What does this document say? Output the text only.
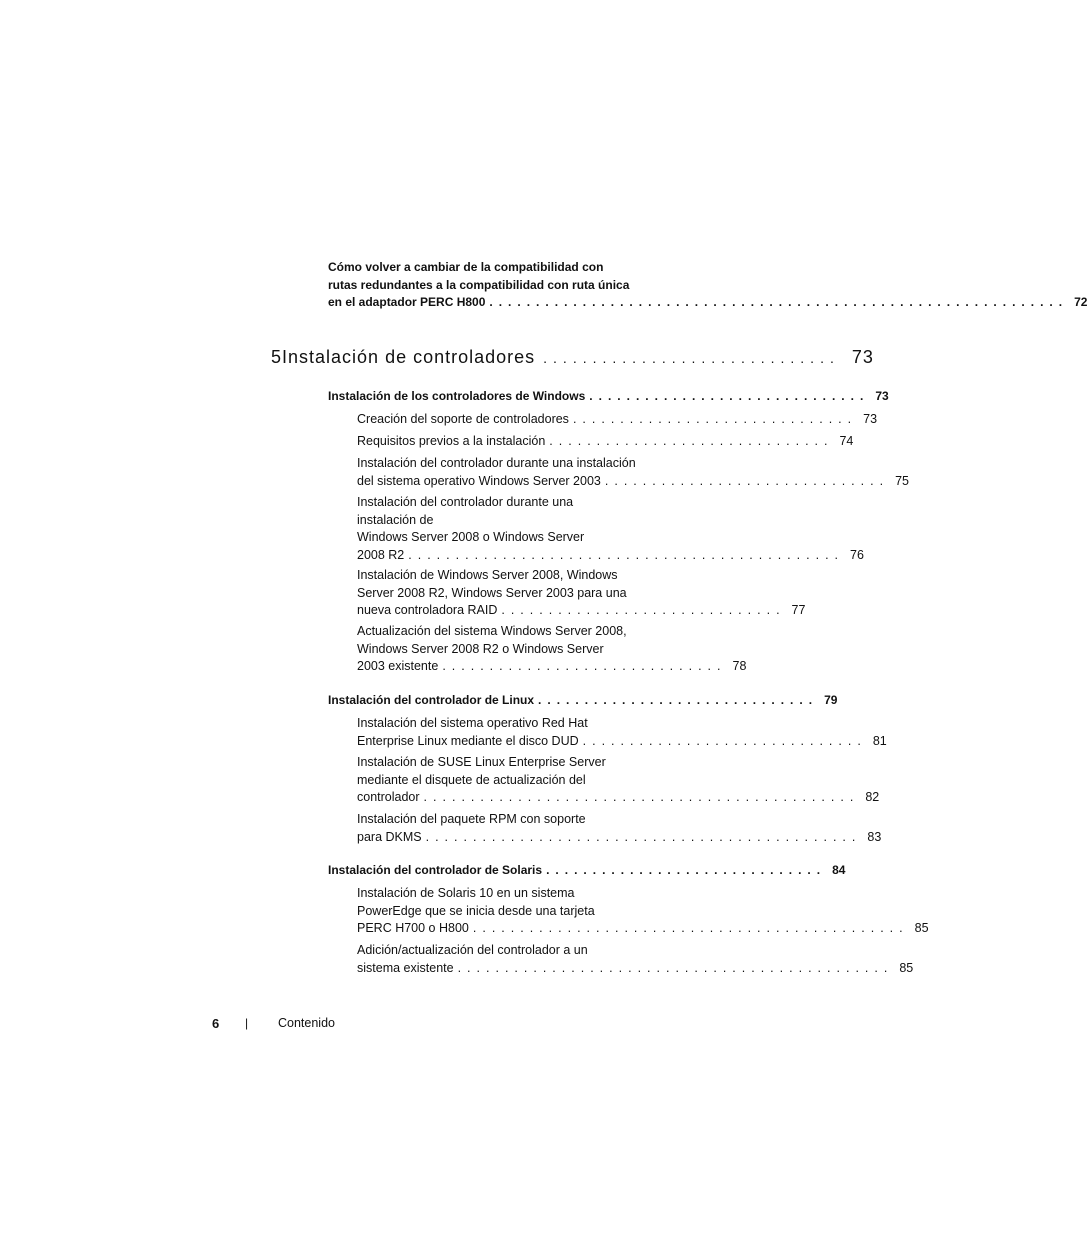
Cómo volver a cambiar de la compatibilidad con
rutas redundantes a la compatibilidad con ruta única
en el adaptador PERC H800 .............................................................. 72
5 Instalación de controladores .............................. 73
Instalación de los controladores de Windows .............................. 73
Creación del soporte de controladores .............................. 73
Requisitos previos a la instalación .............................. 74
Instalación del controlador durante una instalación
del sistema operativo Windows Server 2003 .............................. 75
Instalación del controlador durante una
instalación de
Windows Server 2008 o Windows Server
2008 R2 .............................................. 76
Instalación de Windows Server 2008, Windows
Server 2008 R2, Windows Server 2003 para una
nueva controladora RAID .............................. 77
Actualización del sistema Windows Server 2008,
Windows Server 2008 R2 o Windows Server
2003 existente .............................. 78
Instalación del controlador de Linux .............................. 79
Instalación del sistema operativo Red Hat
Enterprise Linux mediante el disco DUD .............................. 81
Instalación de SUSE Linux Enterprise Server
mediante el disquete de actualización del
controlador .............................................. 82
Instalación del paquete RPM con soporte
para DKMS .............................................. 83
Instalación del controlador de Solaris .............................. 84
Instalación de Solaris 10 en un sistema
PowerEdge que se inicia desde una tarjeta
PERC H700 o H800 .............................................. 85
Adición/actualización del controlador a un
sistema existente .............................................. 85
6 | Contenido
